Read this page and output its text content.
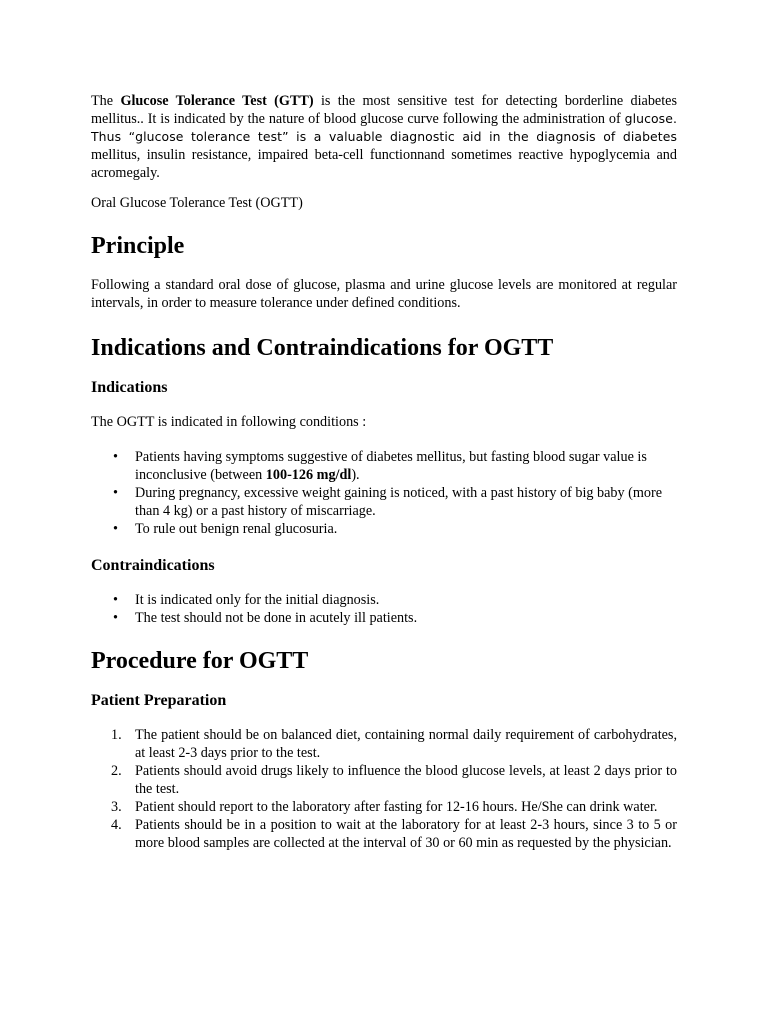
The Glucose Tolerance Test (GTT) is the most sensitive test for detecting borderline diabetes mellitus.. It is indicated by the nature of blood glucose curve following the administration of glucose. Thus “glucose tolerance test” is a valuable diagnostic aid in the diagnosis of diabetes mellitus, insulin resistance, impaired beta-cell functionnand sometimes reactive hypoglycemia and acromegaly.

Oral Glucose Tolerance Test (OGTT)

Principle

Following a standard oral dose of glucose, plasma and urine glucose levels are monitored at regular intervals, in order to measure tolerance under defined conditions.

Indications and Contraindications for OGTT
Indications

The OGTT is indicated in following conditions :

• Patients having symptoms suggestive of diabetes mellitus, but fasting blood sugar value is inconclusive (between 100-126 mg/dl).
• During pregnancy, excessive weight gaining is noticed, with a past history of big baby (more than 4 kg) or a past history of miscarriage.
• To rule out benign renal glucosuria.
Contraindications
• It is indicated only for the initial diagnosis.
• The test should not be done in acutely ill patients.
Procedure for OGTT
Patient Preparation
1. The patient should be on balanced diet, containing normal daily requirement of carbohydrates, at least 2-3 days prior to the test.
2. Patients should avoid drugs likely to influence the blood glucose levels, at least 2 days prior to the test.
3. Patient should report to the laboratory after fasting for 12-16 hours. He/She can drink water.
4. Patients should be in a position to wait at the laboratory for at least 2-3 hours, since 3 to 5 or more blood samples are collected at the interval of 30 or 60 min as requested by the physician.
